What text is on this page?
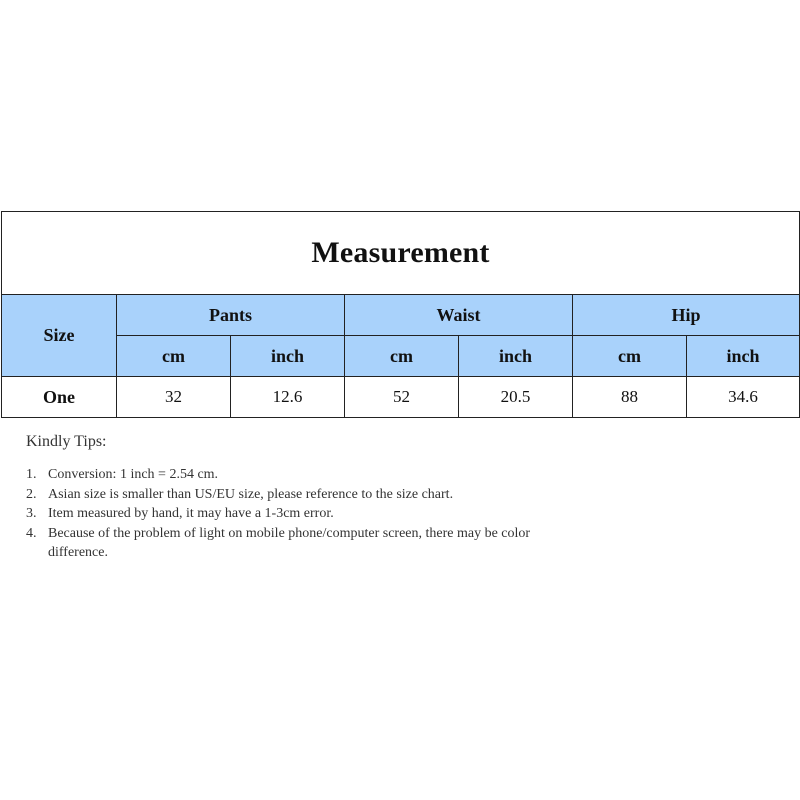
Measurement						
Size	Pants		Waist		Hip	
	cm	inch	cm	inch	cm	inch
One	32	12.6	52	20.5	88	34.6
Kindly Tips:
1. Conversion: 1 inch = 2.54 cm.
2. Asian size is smaller than US/EU size, please reference to the size chart.
3. Item measured by hand, it may have a 1-3cm error.
4. Because of the problem of light on mobile phone/computer screen, there may be color difference.
